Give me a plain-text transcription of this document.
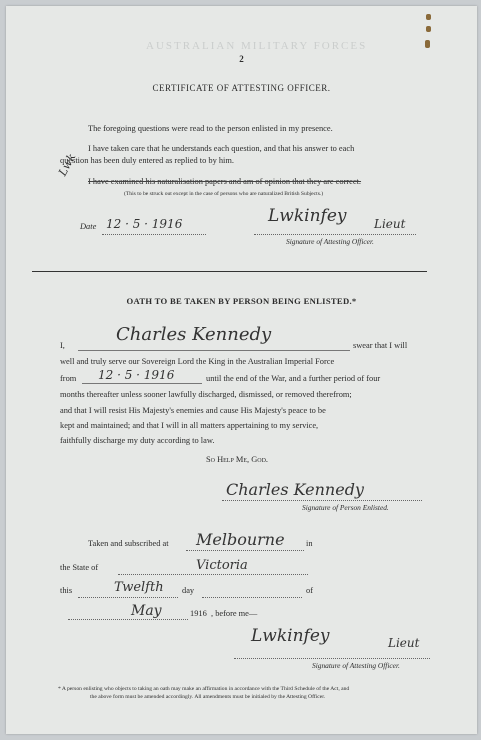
AUSTRALIAN MILITARY FORCES
2
CERTIFICATE OF ATTESTING OFFICER.
The foregoing questions were read to the person enlisted in my presence.
I have taken care that he understands each question, and that his answer to each
question has been duly entered as replied to by him.
Lwk
I have examined his naturalisation papers and am of opinion that they are correct.
(This to be struck out except in the case of persons who are naturalized British Subjects.)
Date 12 · 5 · 1916	Lwkinfey Lieut
Signature of Attesting Officer.
OATH TO BE TAKEN BY PERSON BEING ENLISTED.*
I,
Charles Kennedy
swear that I will
well and truly serve our Sovereign Lord the King in the Australian Imperial Force
from 12 · 5 · 1916	until the end of the War, and a further period of four
months thereafter unless sooner lawfully discharged, dismissed, or removed therefrom;
and that I will resist His Majesty's enemies and cause His Majesty's peace to be
kept and maintained; and that I will in all matters appertaining to my service,
faithfully discharge my duty according to law.
So Help Me, God.
Charles Kennedy
Signature of Person Enlisted.
Taken and subscribed at Melbourne	in
the State of	Victoria
this	Twelfth day	of
May	1916 , before me—
Lwkinfey	Lieut
Signature of Attesting Officer.
* A person enlisting who objects to taking an oath may make an affirmation in accordance with the Third Schedule of the Act, and
the above form must be amended accordingly. All amendments must be initialed by the Attesting Officer.
